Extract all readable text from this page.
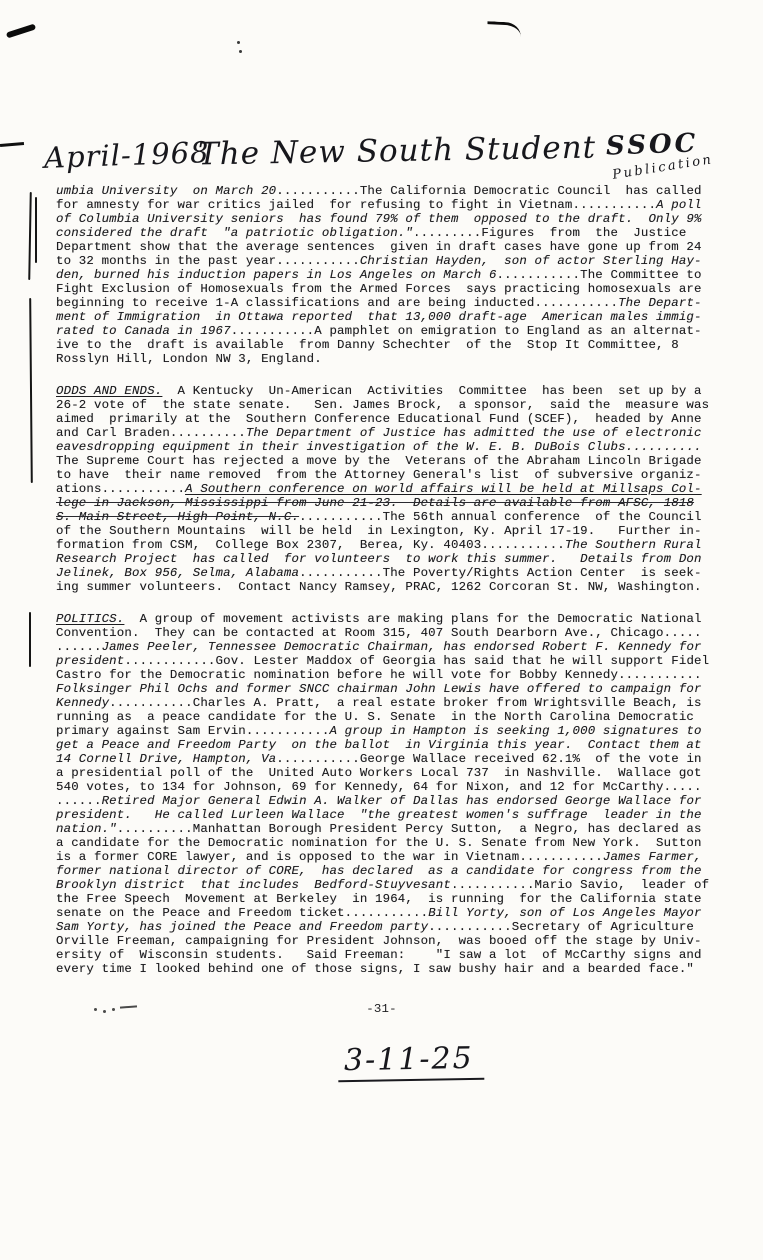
April-1968
The New South Student SSOC
Publication
umbia University  on March 20...........The California Democratic Council  has called
for amnesty for war critics jailed  for refusing to fight in Vietnam...........A poll
of Columbia University seniors  has found 79% of them  opposed to the draft.  Only 9%
considered the draft  "a patriotic obligation.".........Figures  from  the  Justice
Department show that the average sentences  given in draft cases have gone up from 24
to 32 months in the past year...........Christian Hayden,  son of actor Sterling Hay-
den, burned his induction papers in Los Angeles on March 6...........The Committee to
Fight Exclusion of Homosexuals from the Armed Forces  says practicing homosexuals are
beginning to receive 1-A classifications and are being inducted...........The Depart-
ment of Immigration  in Ottawa reported  that 13,000 draft-age  American males immig-
rated to Canada in 1967...........A pamphlet on emigration to England as an alternat-
ive to the  draft is available  from Danny Schechter  of the  Stop It Committee, 8
Rosslyn Hill, London NW 3, England.
ODDS AND ENDS.  A Kentucky  Un-American  Activities  Committee  has been  set up by a
26-2 vote of  the state senate.   Sen. James Brock,  a sponsor,  said the  measure was
aimed  primarily at the  Southern Conference Educational Fund (SCEF),  headed by Anne
and Carl Braden..........The Department of Justice has admitted the use of electronic
eavesdropping equipment in their investigation of the W. E. B. DuBois Clubs..........
The Supreme Court has rejected a move by the  Veterans of the Abraham Lincoln Brigade
to have  their name removed  from the Attorney General's list  of subversive organiz-
ations...........A Southern conference on world affairs will be held at Millsaps Col-
lege in Jackson, Mississippi from June 21-23.  Details are available from AFSC, 1818
S. Main Street, High Point, N.C............The 56th annual conference  of the Council
of the Southern Mountains  will be held  in Lexington, Ky. April 17-19.   Further in-
formation from CSM,  College Box 2307,  Berea, Ky. 40403...........The Southern Rural
Research Project  has called  for volunteers  to work this summer.   Details from Don
Jelinek, Box 956, Selma, Alabama...........The Poverty/Rights Action Center  is seek-
ing summer volunteers.  Contact Nancy Ramsey, PRAC, 1262 Corcoran St. NW, Washington.
POLITICS.  A group of movement activists are making plans for the Democratic National
Convention.  They can be contacted at Room 315, 407 South Dearborn Ave., Chicago.....
......James Peeler, Tennessee Democratic Chairman, has endorsed Robert F. Kennedy for
president............Gov. Lester Maddox of Georgia has said that he will support Fidel
Castro for the Democratic nomination before he will vote for Bobby Kennedy...........
Folksinger Phil Ochs and former SNCC chairman John Lewis have offered to campaign for
Kennedy...........Charles A. Pratt,  a real estate broker from Wrightsville Beach, is
running as  a peace candidate for the U. S. Senate  in the North Carolina Democratic
primary against Sam Ervin...........A group in Hampton is seeking 1,000 signatures to
get a Peace and Freedom Party  on the ballot  in Virginia this year.  Contact them at
14 Cornell Drive, Hampton, Va...........George Wallace received 62.1%  of the vote in
a presidential poll of the  United Auto Workers Local 737  in Nashville.  Wallace got
540 votes, to 134 for Johnson, 69 for Kennedy, 64 for Nixon, and 12 for McCarthy.....
......Retired Major General Edwin A. Walker of Dallas has endorsed George Wallace for
president.   He called Lurleen Wallace  "the greatest women's suffrage  leader in the
nation."..........Manhattan Borough President Percy Sutton,  a Negro, has declared as
a candidate for the Democratic nomination for the U. S. Senate from New York.  Sutton
is a former CORE lawyer, and is opposed to the war in Vietnam...........James Farmer,
former national director of CORE,  has declared  as a candidate for congress from the
Brooklyn district  that includes  Bedford-Stuyvesant...........Mario Savio,  leader of
the Free Speech  Movement at Berkeley  in 1964,  is running  for the California state
senate on the Peace and Freedom ticket...........Bill Yorty, son of Los Angeles Mayor
Sam Yorty, has joined the Peace and Freedom party...........Secretary of Agriculture
Orville Freeman, campaigning for President Johnson,  was booed off the stage by Univ-
ersity of  Wisconsin students.   Said Freeman:    "I saw a lot  of McCarthy signs and
every time I looked behind one of those signs, I saw bushy hair and a bearded face."
-31-
3-11-25
